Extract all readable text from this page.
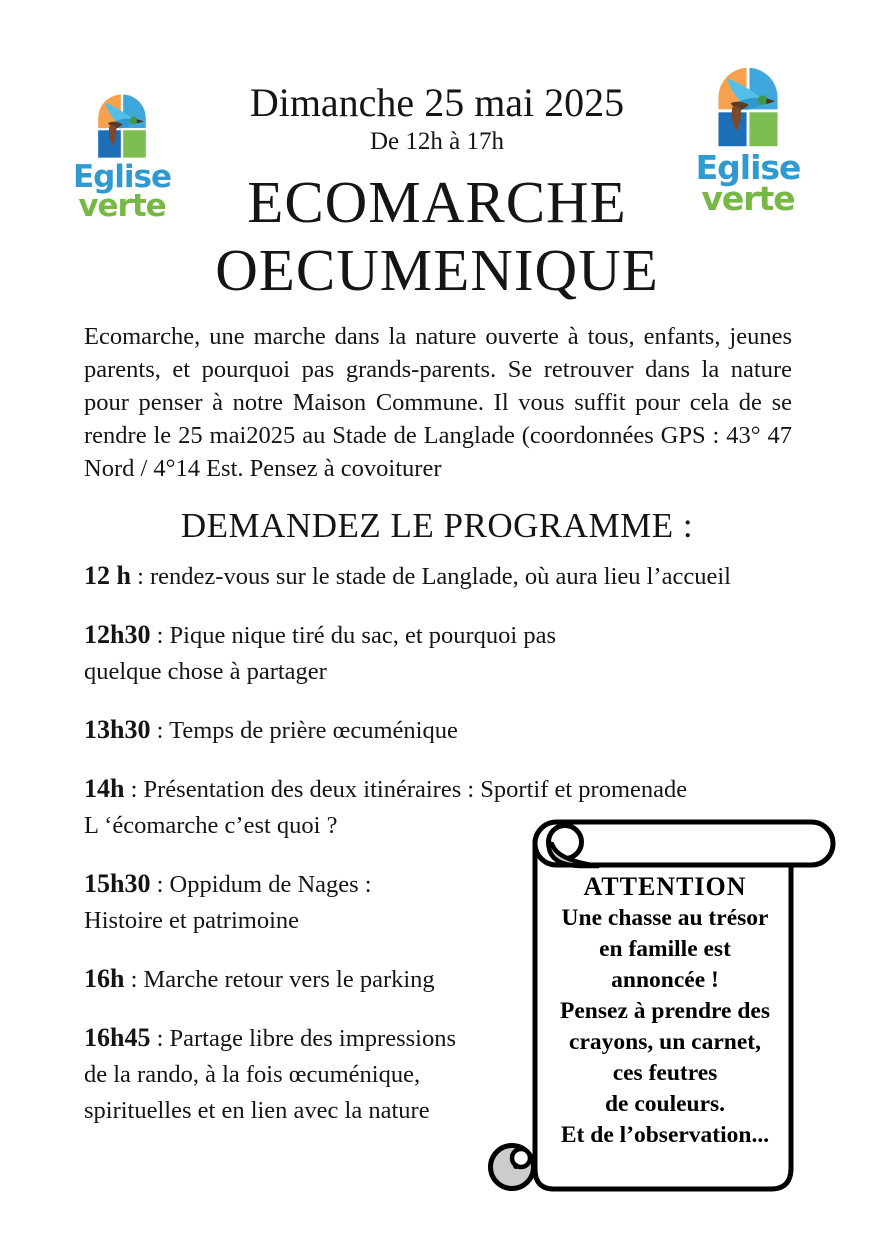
Eglise
verte
Eglise
verte
Dimanche 25 mai 2025
De 12h à 17h
ECOMARCHE
OECUMENIQUE

Ecomarche, une marche dans la nature ouverte à tous, enfants, jeunes parents, et pourquoi pas grands-parents. Se retrouver dans la nature pour penser à notre Maison Commune. Il vous suffit pour cela de se rendre le 25 mai2025 au Stade de Langlade (coordonnées GPS : 43° 47 Nord / 4°14 Est. Pensez à covoiturer

DEMANDEZ LE PROGRAMME :
12 h : rendez-vous sur le stade de Langlade, où aura lieu l’accueil
12h30 : Pique nique tiré du sac, et pourquoi pas
quelque chose à partager
13h30 : Temps de prière œcuménique
14h : Présentation des deux itinéraires : Sportif et promenade
L ‘écomarche c’est quoi ?
15h30 : Oppidum de Nages :
Histoire et patrimoine
16h : Marche retour vers le parking
16h45 : Partage libre des impressions
de la rando, à la fois œcuménique,
spirituelles et en lien avec la nature
ATTENTION
Une chasse au trésor
en famille est
annoncée !
Pensez à prendre des
crayons, un carnet,
ces feutres
de couleurs.
Et de l’observation...
